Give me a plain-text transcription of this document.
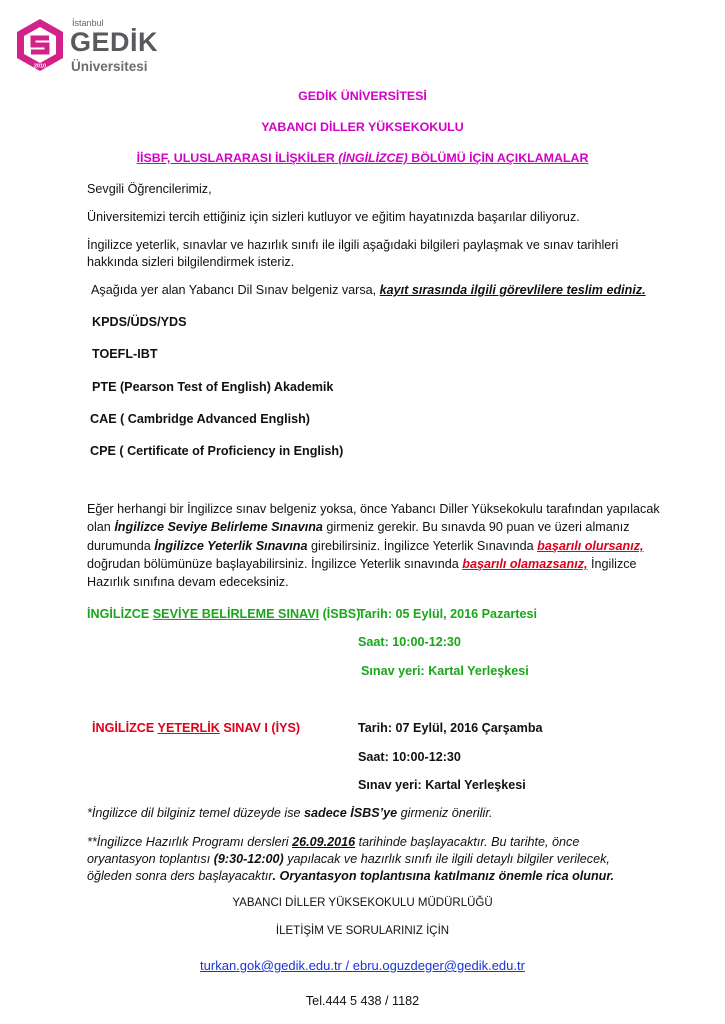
2010
İstanbul
GEDİK
Üniversitesi
GEDİK ÜNİVERSİTESİ
YABANCI DİLLER YÜKSEKOKULU
İİSBF, ULUSLARARASI İLİŞKİLER (İNGİLİZCE) BÖLÜMÜ İÇİN AÇIKLAMALAR
Sevgili Öğrencilerimiz,
Üniversitemizi tercih ettiğiniz için sizleri kutluyor ve eğitim hayatınızda başarılar diliyoruz.
İngilizce yeterlik, sınavlar ve hazırlık sınıfı ile ilgili aşağıdaki bilgileri paylaşmak ve sınav tarihleri
hakkında sizleri bilgilendirmek isteriz.
Aşağıda yer alan Yabancı Dil Sınav belgeniz varsa, kayıt sırasında ilgili görevlilere teslim ediniz.
KPDS/ÜDS/YDS
TOEFL-IBT
PTE (Pearson Test of English) Akademik
CAE ( Cambridge Advanced English)
CPE ( Certificate of Proficiency in English)
Eğer herhangi bir İngilizce sınav belgeniz yoksa, önce Yabancı Diller Yüksekokulu tarafından yapılacak
olan İngilizce Seviye Belirleme Sınavına girmeniz gerekir. Bu sınavda 90 puan ve üzeri almanız
durumunda İngilizce Yeterlik Sınavına girebilirsiniz. İngilizce Yeterlik Sınavında başarılı olursanız,
doğrudan bölümünüze başlayabilirsiniz. İngilizce Yeterlik sınavında başarılı olamazsanız, İngilizce
Hazırlık sınıfına devam edeceksiniz.
İNGİLİZCE SEVİYE BELİRLEME SINAVI (İSBS)
Tarih: 05 Eylül, 2016 Pazartesi
Saat: 10:00-12:30
Sınav yeri: Kartal Yerleşkesi
İNGİLİZCE YETERLİK SINAV I (İYS)	Tarih: 07 Eylül, 2016 Çarşamba
Saat: 10:00-12:30
Sınav yeri: Kartal Yerleşkesi
*İngilizce dil bilginiz temel düzeyde ise sadece İSBS’ye girmeniz önerilir.
**İngilizce Hazırlık Programı dersleri 26.09.2016 tarihinde başlayacaktır. Bu tarihte, önce
oryantasyon toplantısı (9:30-12:00) yapılacak ve hazırlık sınıfı ile ilgili detaylı bilgiler verilecek,
öğleden sonra ders başlayacaktır. Oryantasyon toplantısına katılmanız önemle rica olunur.
YABANCI DİLLER YÜKSEKOKULU MÜDÜRLÜĞÜ
İLETİŞİM VE SORULARINIZ İÇİN
turkan.gok@gedik.edu.tr / ebru.oguzdeger@gedik.edu.tr
Tel.444 5 438 / 1182
